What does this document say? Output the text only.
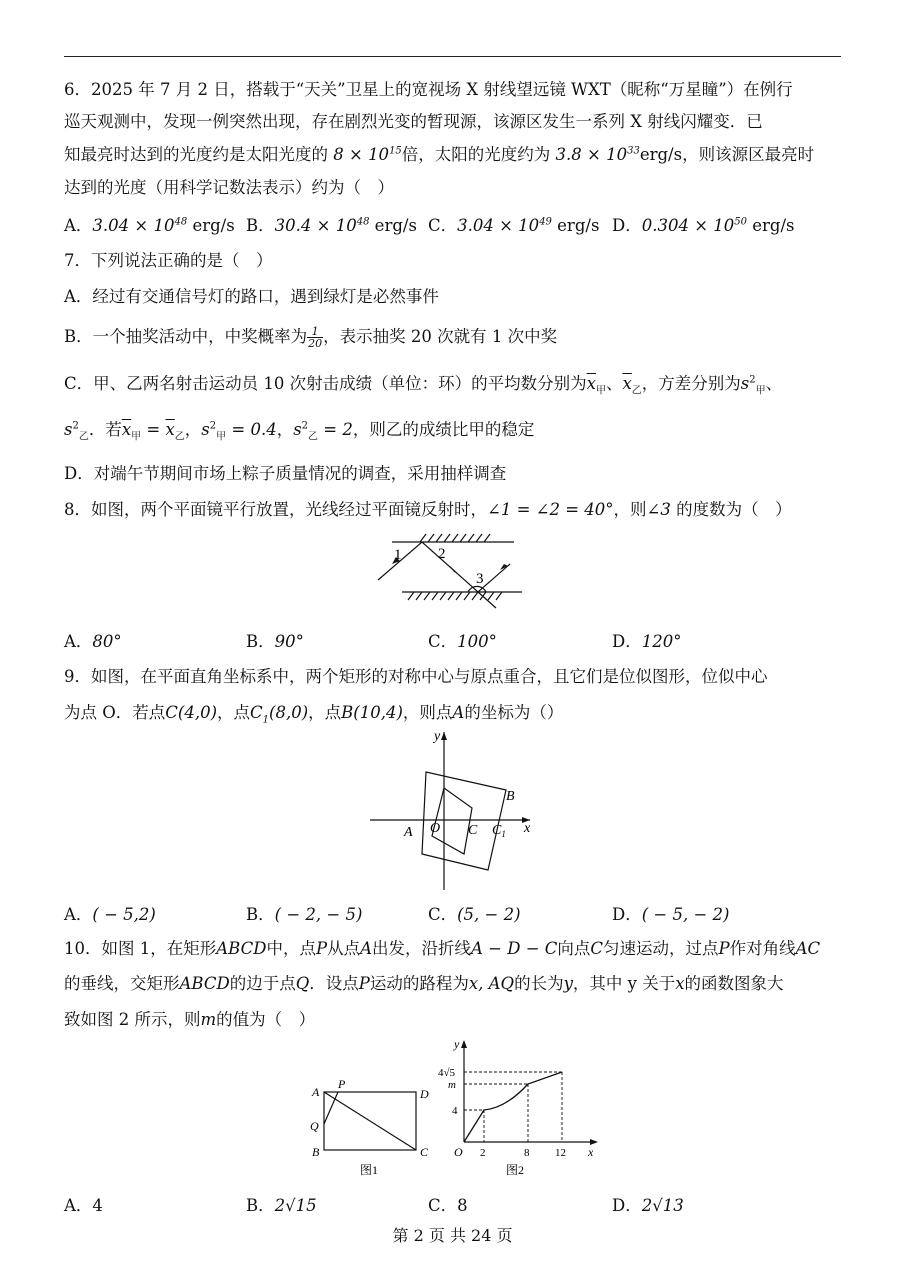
6．2025 年 7 月 2 日，搭载于“天关”卫星上的宽视场 X 射线望远镜 WXT（昵称“万星瞳”）在例行
巡天观测中，发现一例突然出现，存在剧烈光变的暂现源，该源区发生一系列 X 射线闪耀变．已
知最亮时达到的光度约是太阳光度的 $8 \times 10^{15}$倍，太阳的光度约为 $3.8 \times 10^{33}erg/s$，则该源区最亮时
达到的光度（用科学记数法表示）约为（　）
A．$3.04 \times 10^{48}$ erg/s B．$30.4 \times 10^{48}$ erg/s C．$3.04 \times 10^{49}$ erg/s D．$0.304 \times 10^{50}$ erg/s
7．下列说法正确的是（　）
A．经过有交通信号灯的路口，遇到绿灯是必然事件
B．一个抽奖活动中，中奖概率为 $\frac{1}{20}$ ，表示抽奖 20 次就有 1 次中奖
C．甲、乙两名射击运动员 10 次射击成绩（单位：环）的平均数分别为$\overline{x}_甲$、$\overline{x}_乙$，方差分别为$s^2_甲$、
$s^2_乙$．若$\overline{x}_甲 = \overline{x}_乙$，$s^2_甲 = 0.4$，$s^2_乙 = 2$，则乙的成绩比甲的稳定
D．对端午节期间市场上粽子质量情况的调查，采用抽样调查
8．如图，两个平面镜平行放置，光线经过平面镜反射时，∠1 = ∠2 = 40°，则∠3 的度数为（　）
1 2
3
A．80°	B．90°	C．100°	D．120°
9．如图，在平面直角坐标系中，两个矩形的对称中心与原点重合，且它们是位似图形，位似中心
为点 O．若点C(4,0)，点$C_1(8,0)$，点B(10,4)，则点A的坐标为（）
y
x
B
A O C $C_1$
A．( − 5,2)	B．( − 2, − 5)	C．(5, − 2)	D．( − 5, − 2)
10．如图 1，在矩形ABCD中，点P从点A出发，沿折线A − D − C向点C匀速运动，过点P作对角线AC
的垂线，交矩形ABCD的边于点Q．设点P运动的路程为x, AQ的长为y，其中 y 关于x的函数图象大
致如图 2 所示，则m的值为（　）
A
P
D
Q
B	C
图1
y
x
O
4√5
m
4
2	8 12
图2
A．4	B．2√15	C．8	D．2√13
第 2 页 共 24 页
